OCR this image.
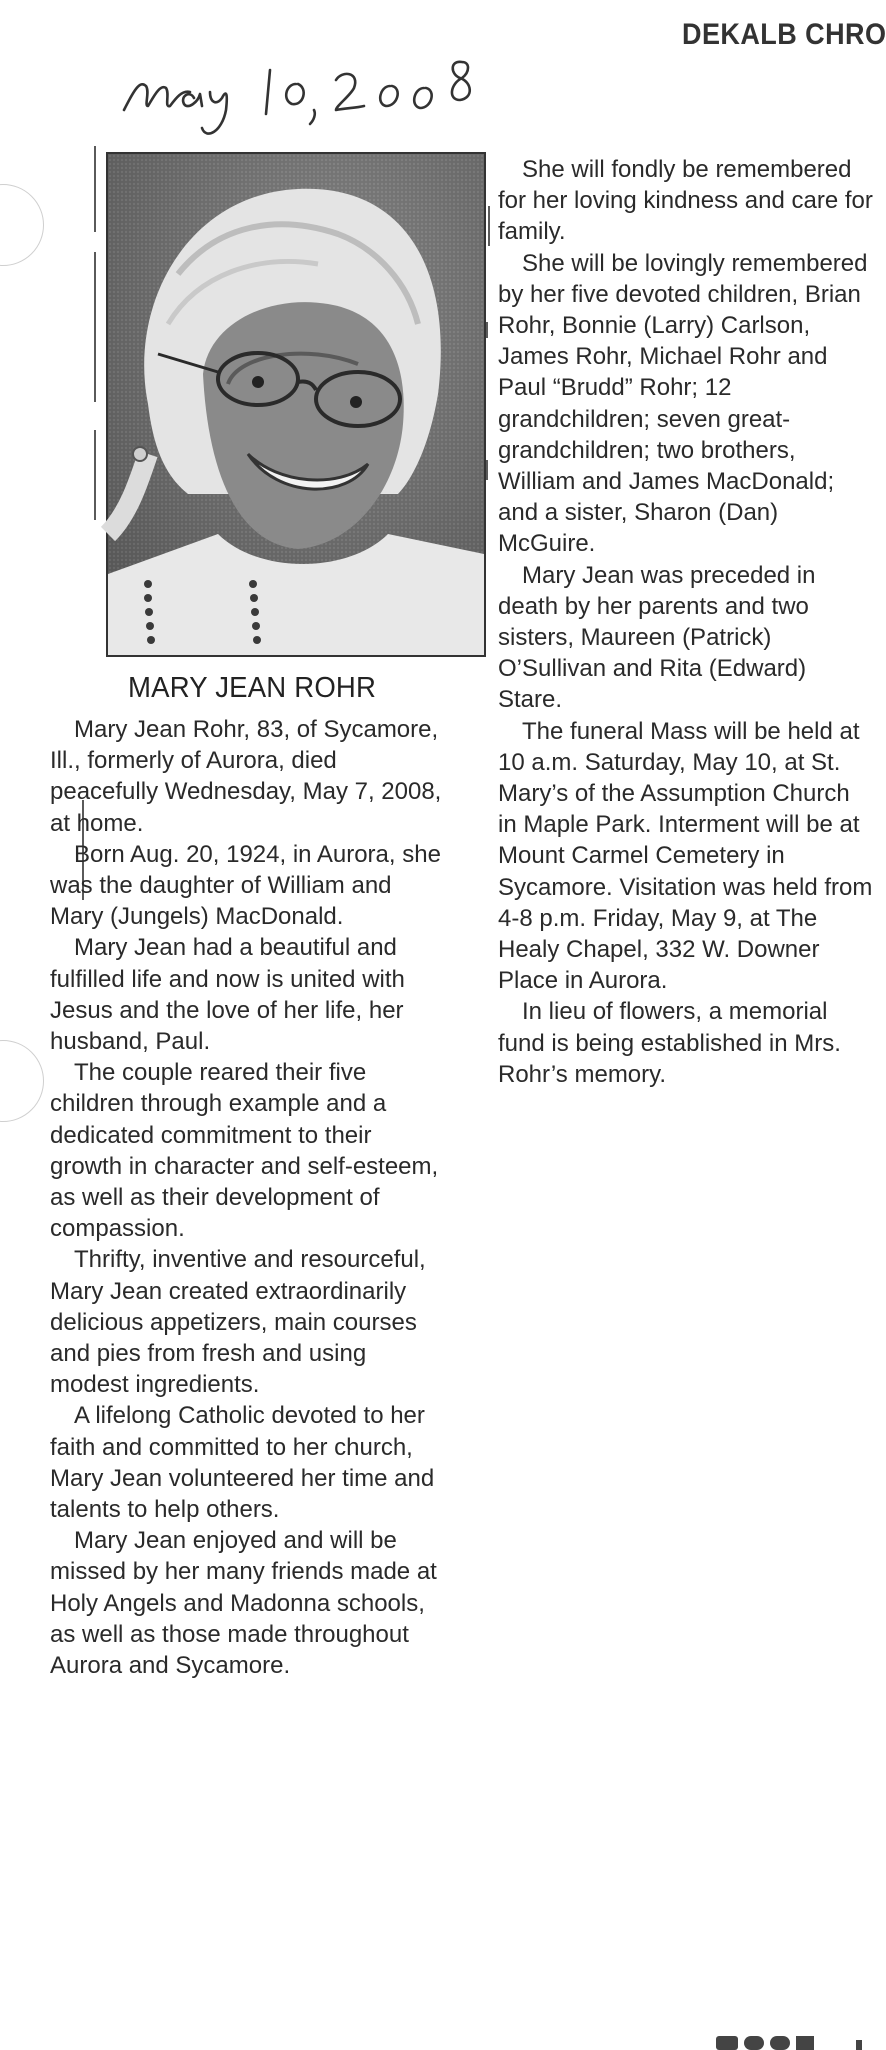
DEKALB CHRO
MARY JEAN ROHR

Mary Jean Rohr, 83, of Sycamore, Ill., formerly of Aurora, died peacefully Wednesday, May 7, 2008, at home.

Born Aug. 20, 1924, in Aurora, she was the daughter of William and Mary (Jungels) MacDonald.

Mary Jean had a beautiful and fulfilled life and now is united with Jesus and the love of her life, her husband, Paul.

The couple reared their five children through example and a dedicated commitment to their growth in character and self-esteem, as well as their development of compassion.

Thrifty, inventive and resourceful, Mary Jean created extraordinarily delicious appetizers, main courses and pies from fresh and using modest ingredients.

A lifelong Catholic devoted to her faith and committed to her church, Mary Jean volunteered her time and talents to help others.

Mary Jean enjoyed and will be missed by her many friends made at Holy Angels and Madonna schools, as well as those made throughout Aurora and Sycamore.

She will fondly be remembered for her loving kindness and care for family.

She will be lovingly remembered by her five devoted children, Brian Rohr, Bonnie (Larry) Carlson, James Rohr, Michael Rohr and Paul “Brudd” Rohr; 12 grandchildren; seven great-grandchildren; two brothers, William and James MacDonald; and a sister, Sharon (Dan) McGuire.

Mary Jean was preceded in death by her parents and two sisters, Maureen (Patrick) O’Sullivan and Rita (Edward) Stare.

The funeral Mass will be held at 10 a.m. Saturday, May 10, at St. Mary’s of the Assumption Church in Maple Park. Interment will be at Mount Carmel Cemetery in Sycamore. Visitation was held from 4-8 p.m. Friday, May 9, at The Healy Chapel, 332 W. Downer Place in Aurora.

In lieu of flowers, a memorial fund is being established in Mrs. Rohr’s memory.
